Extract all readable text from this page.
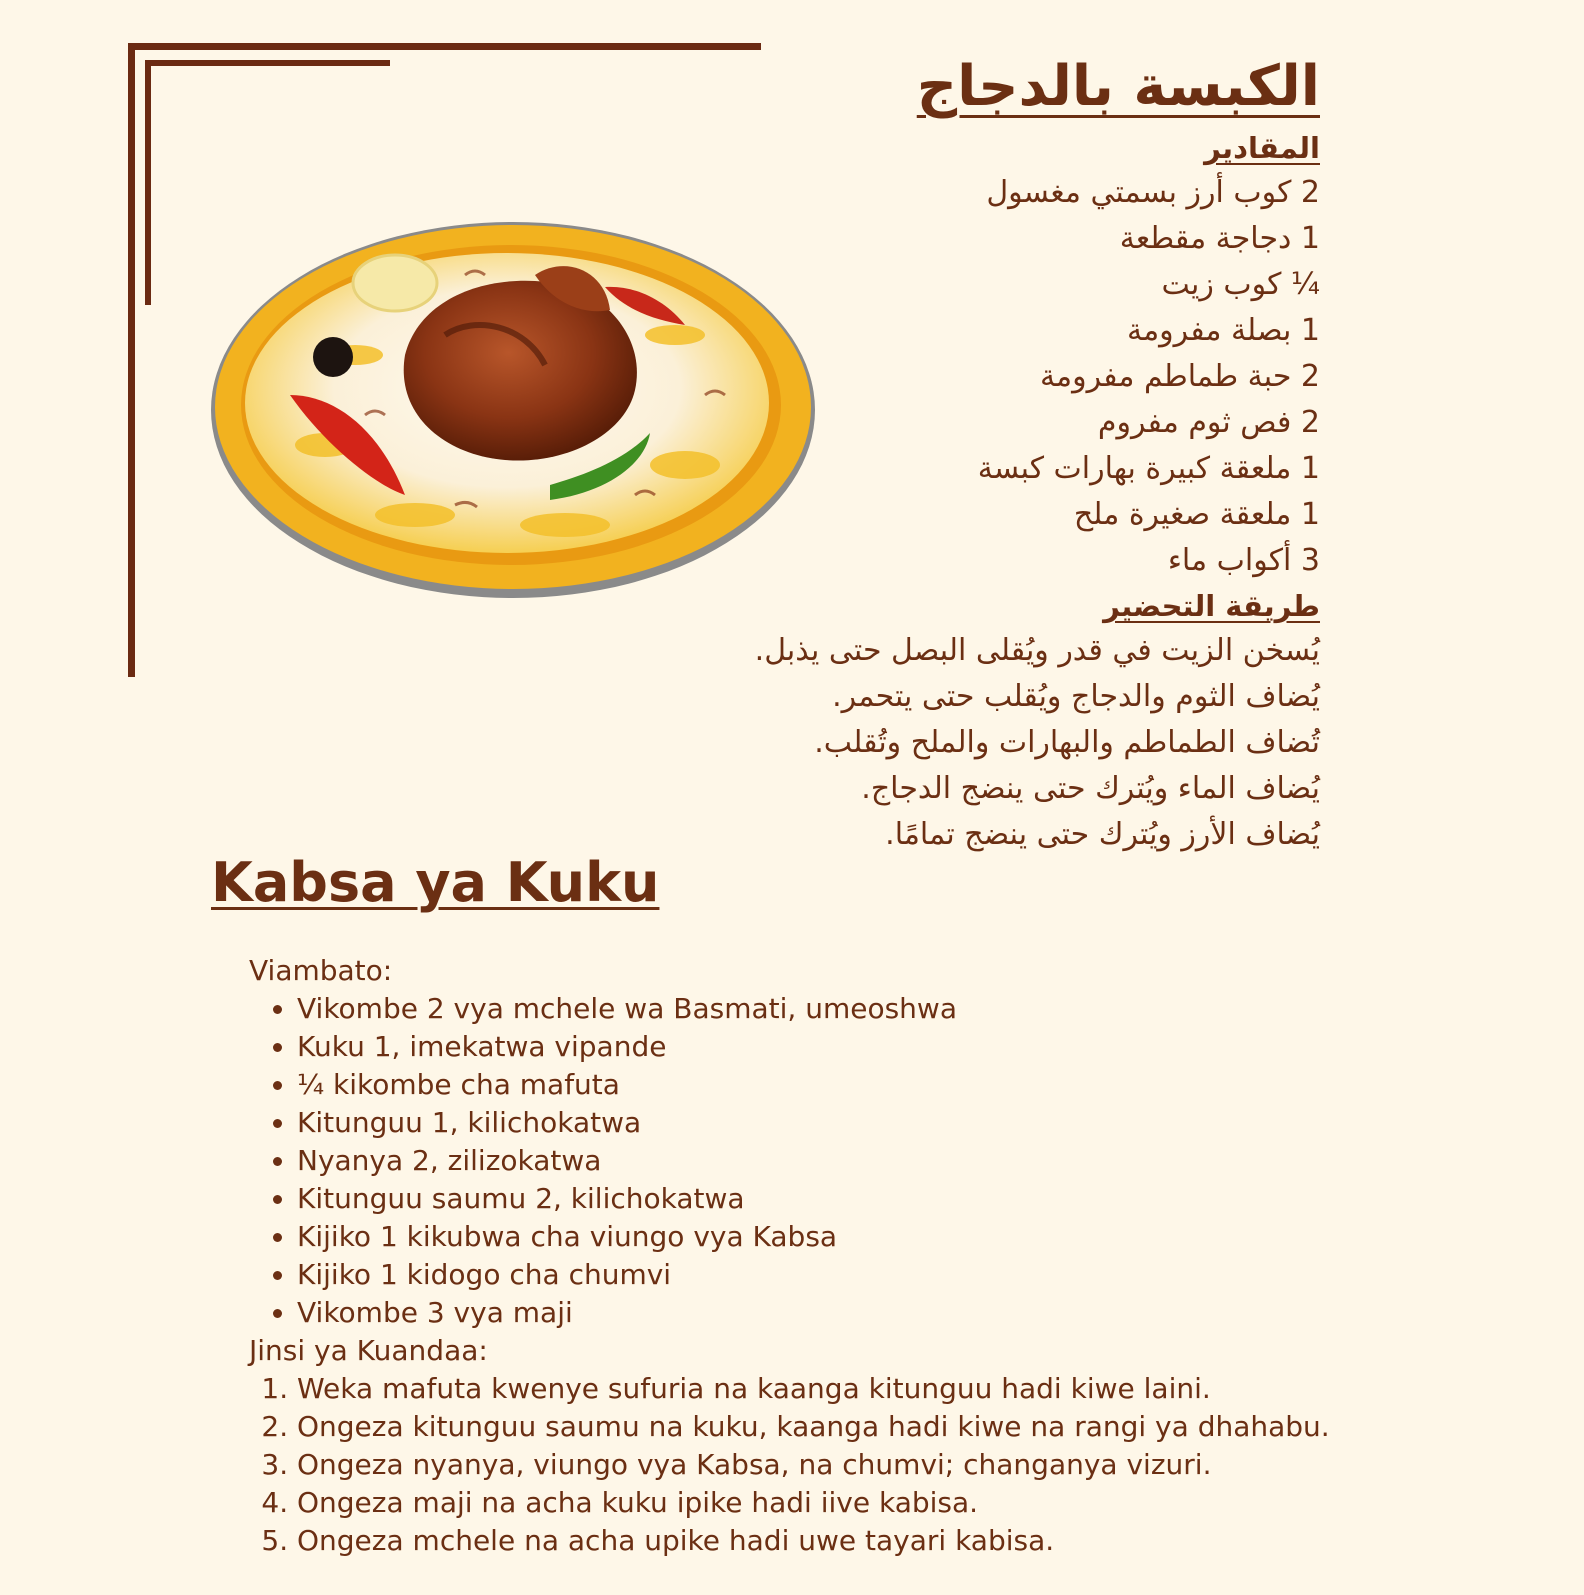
الكبسة بالدجاج
المقادير
2 كوب أرز بسمتي مغسول
1 دجاجة مقطعة
¼ كوب زيت
1 بصلة مفرومة
2 حبة طماطم مفرومة
2 فص ثوم مفروم
1 ملعقة كبيرة بهارات كبسة
1 ملعقة صغيرة ملح
3 أكواب ماء
طريقة التحضير
يُسخن الزيت في قدر ويُقلى البصل حتى يذبل.
يُضاف الثوم والدجاج ويُقلب حتى يتحمر.
تُضاف الطماطم والبهارات والملح وتُقلب.
يُضاف الماء ويُترك حتى ينضج الدجاج.
يُضاف الأرز ويُترك حتى ينضج تمامًا.
Kabsa ya Kuku

Viambato:

• Vikombe 2 vya mchele wa Basmati, umeoshwa
• Kuku 1, imekatwa vipande
• ¼ kikombe cha mafuta
• Kitunguu 1, kilichokatwa
• Nyanya 2, zilizokatwa
• Kitunguu saumu 2, kilichokatwa
• Kijiko 1 kikubwa cha viungo vya Kabsa
• Kijiko 1 kidogo cha chumvi
• Vikombe 3 vya maji

Jinsi ya Kuandaa:

1. Weka mafuta kwenye sufuria na kaanga kitunguu hadi kiwe laini.
2. Ongeza kitunguu saumu na kuku, kaanga hadi kiwe na rangi ya dhahabu.
3. Ongeza nyanya, viungo vya Kabsa, na chumvi; changanya vizuri.
4. Ongeza maji na acha kuku ipike hadi iive kabisa.
5. Ongeza mchele na acha upike hadi uwe tayari kabisa.
